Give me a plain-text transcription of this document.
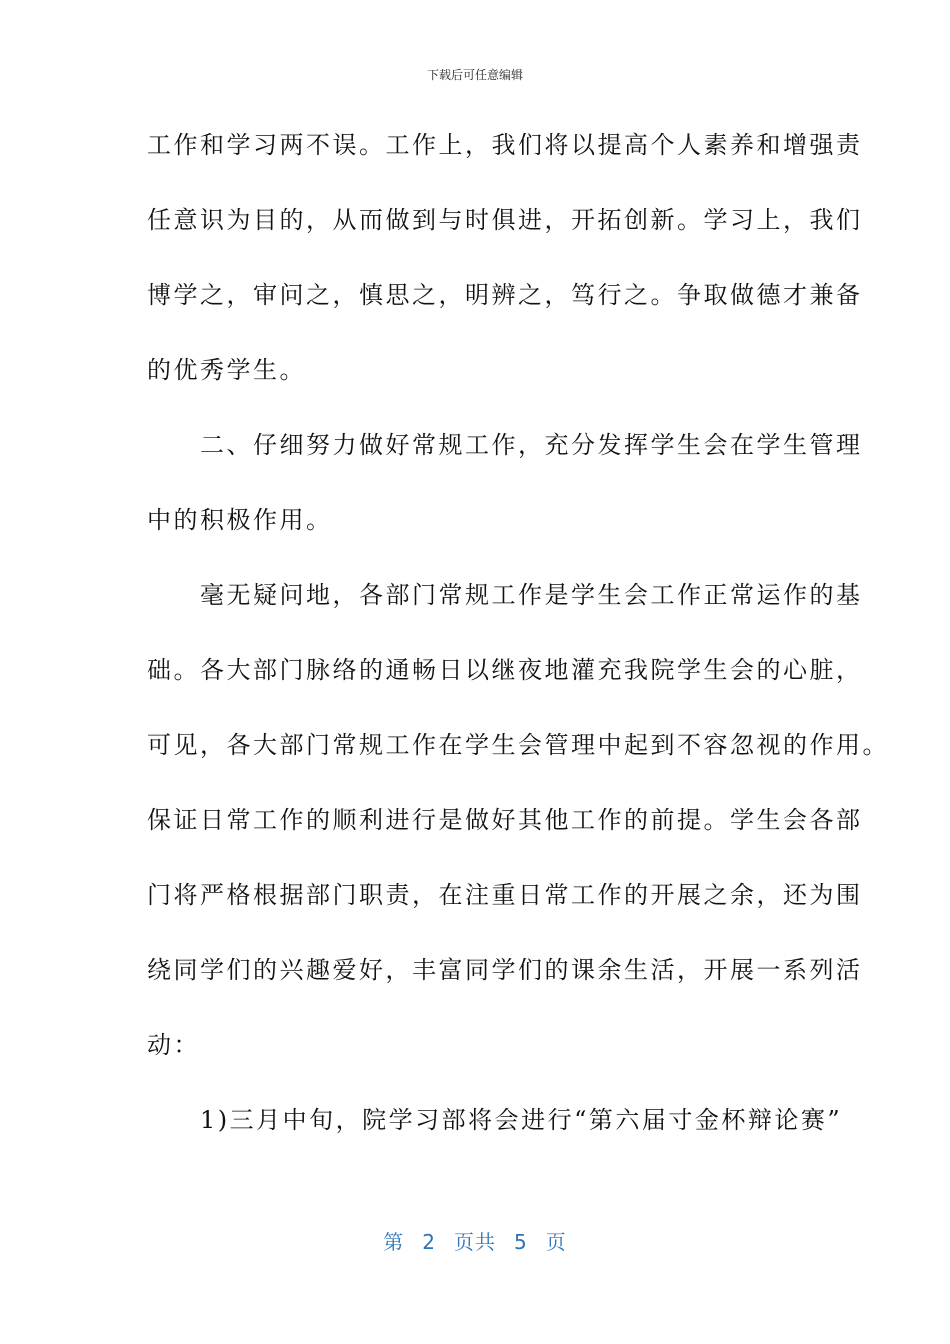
下载后可任意编辑
工作和学习两不误。工作上，我们将以提高个人素养和增强责
任意识为目的，从而做到与时俱进，开拓创新。学习上，我们
博学之，审问之，慎思之，明辨之，笃行之。争取做德才兼备
的优秀学生。
　　二、仔细努力做好常规工作，充分发挥学生会在学生管理
中的积极作用。
　　毫无疑问地，各部门常规工作是学生会工作正常运作的基
础。各大部门脉络的通畅日以继夜地灌充我院学生会的心脏，
可见，各大部门常规工作在学生会管理中起到不容忽视的作用。
保证日常工作的顺利进行是做好其他工作的前提。学生会各部
门将严格根据部门职责，在注重日常工作的开展之余，还为围
绕同学们的兴趣爱好，丰富同学们的课余生活，开展一系列活
动：
　　1)三月中旬，院学习部将会进行“第六届寸金杯辩论赛”
第 2 页共 5 页
